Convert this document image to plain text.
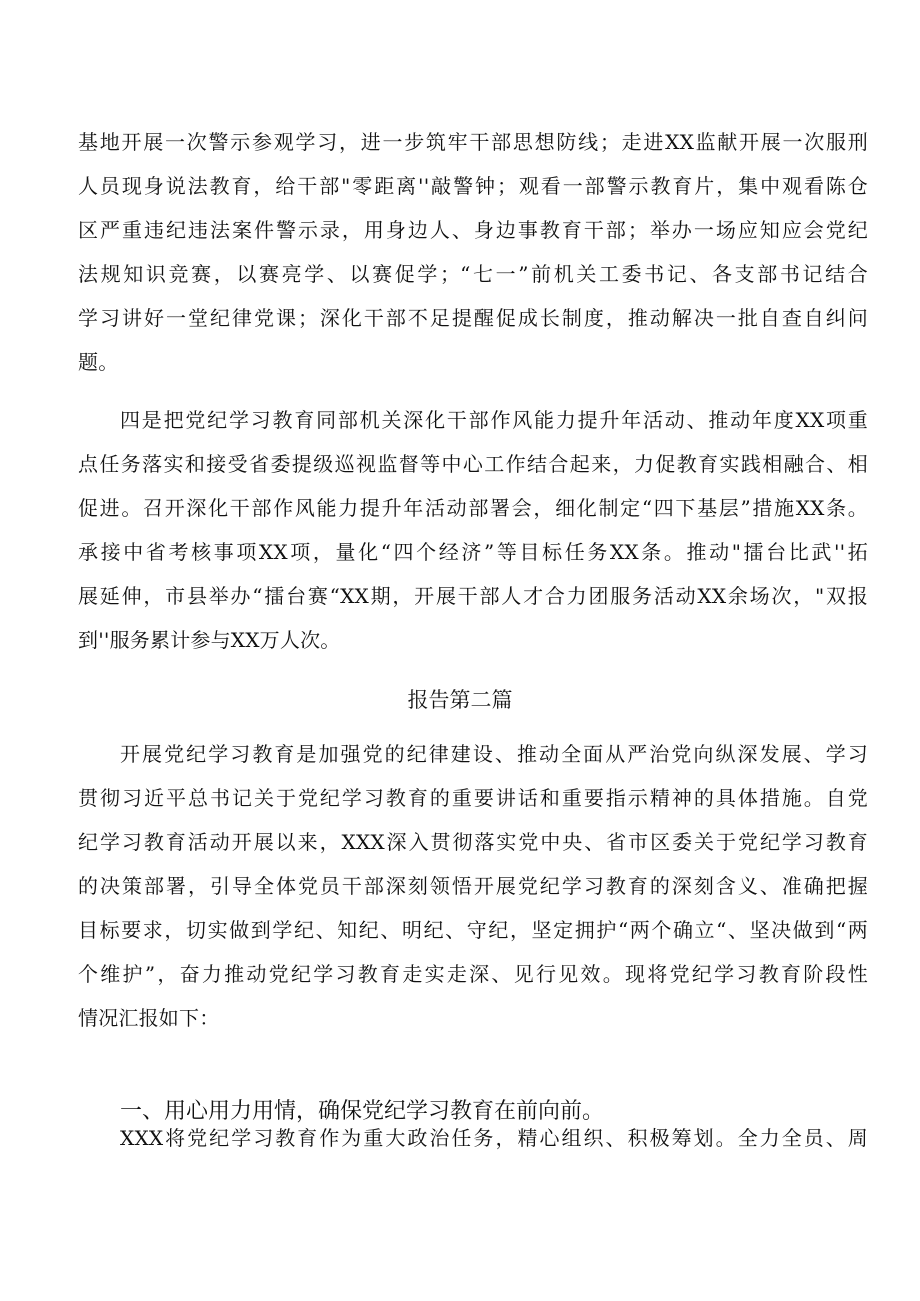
基地开展一次警示参观学习，进一步筑牢干部思想防线；走进XX监献开展一次服刑
人员现身说法教育，给干部"零距离''敲警钟；观看一部警示教育片，集中观看陈仓
区严重违纪违法案件警示录，用身边人、身边事教育干部；举办一场应知应会党纪
法规知识竞赛，以赛亮学、以赛促学；“七一”前机关工委书记、各支部书记结合
学习讲好一堂纪律党课；深化干部不足提醒促成长制度，推动解决一批自查自纠问
题。
四是把党纪学习教育同部机关深化干部作风能力提升年活动、推动年度XX项重
点任务落实和接受省委提级巡视监督等中心工作结合起来，力促教育实践相融合、相
促进。召开深化干部作风能力提升年活动部署会，细化制定“四下基层”措施XX条。
承接中省考核事项XX项，量化“四个经济”等目标任务XX条。推动"擂台比武''拓
展延伸，市县举办“擂台赛“XX期，开展干部人才合力团服务活动XX余场次，"双报
到''服务累计参与XX万人次。
报告第二篇
开展党纪学习教育是加强党的纪律建设、推动全面从严治党向纵深发展、学习
贯彻习近平总书记关于党纪学习教育的重要讲话和重要指示精神的具体措施。自党
纪学习教育活动开展以来，XXX深入贯彻落实党中央、省市区委关于党纪学习教育
的决策部署，引导全体党员干部深刻领悟开展党纪学习教育的深刻含义、准确把握
目标要求，切实做到学纪、知纪、明纪、守纪，坚定拥护“两个确立“、坚决做到“两
个维护”，奋力推动党纪学习教育走实走深、见行见效。现将党纪学习教育阶段性
情况汇报如下：
一、用心用力用情，确保党纪学习教育在前向前。
XXX将党纪学习教育作为重大政治任务，精心组织、积极筹划。全力全员、周
